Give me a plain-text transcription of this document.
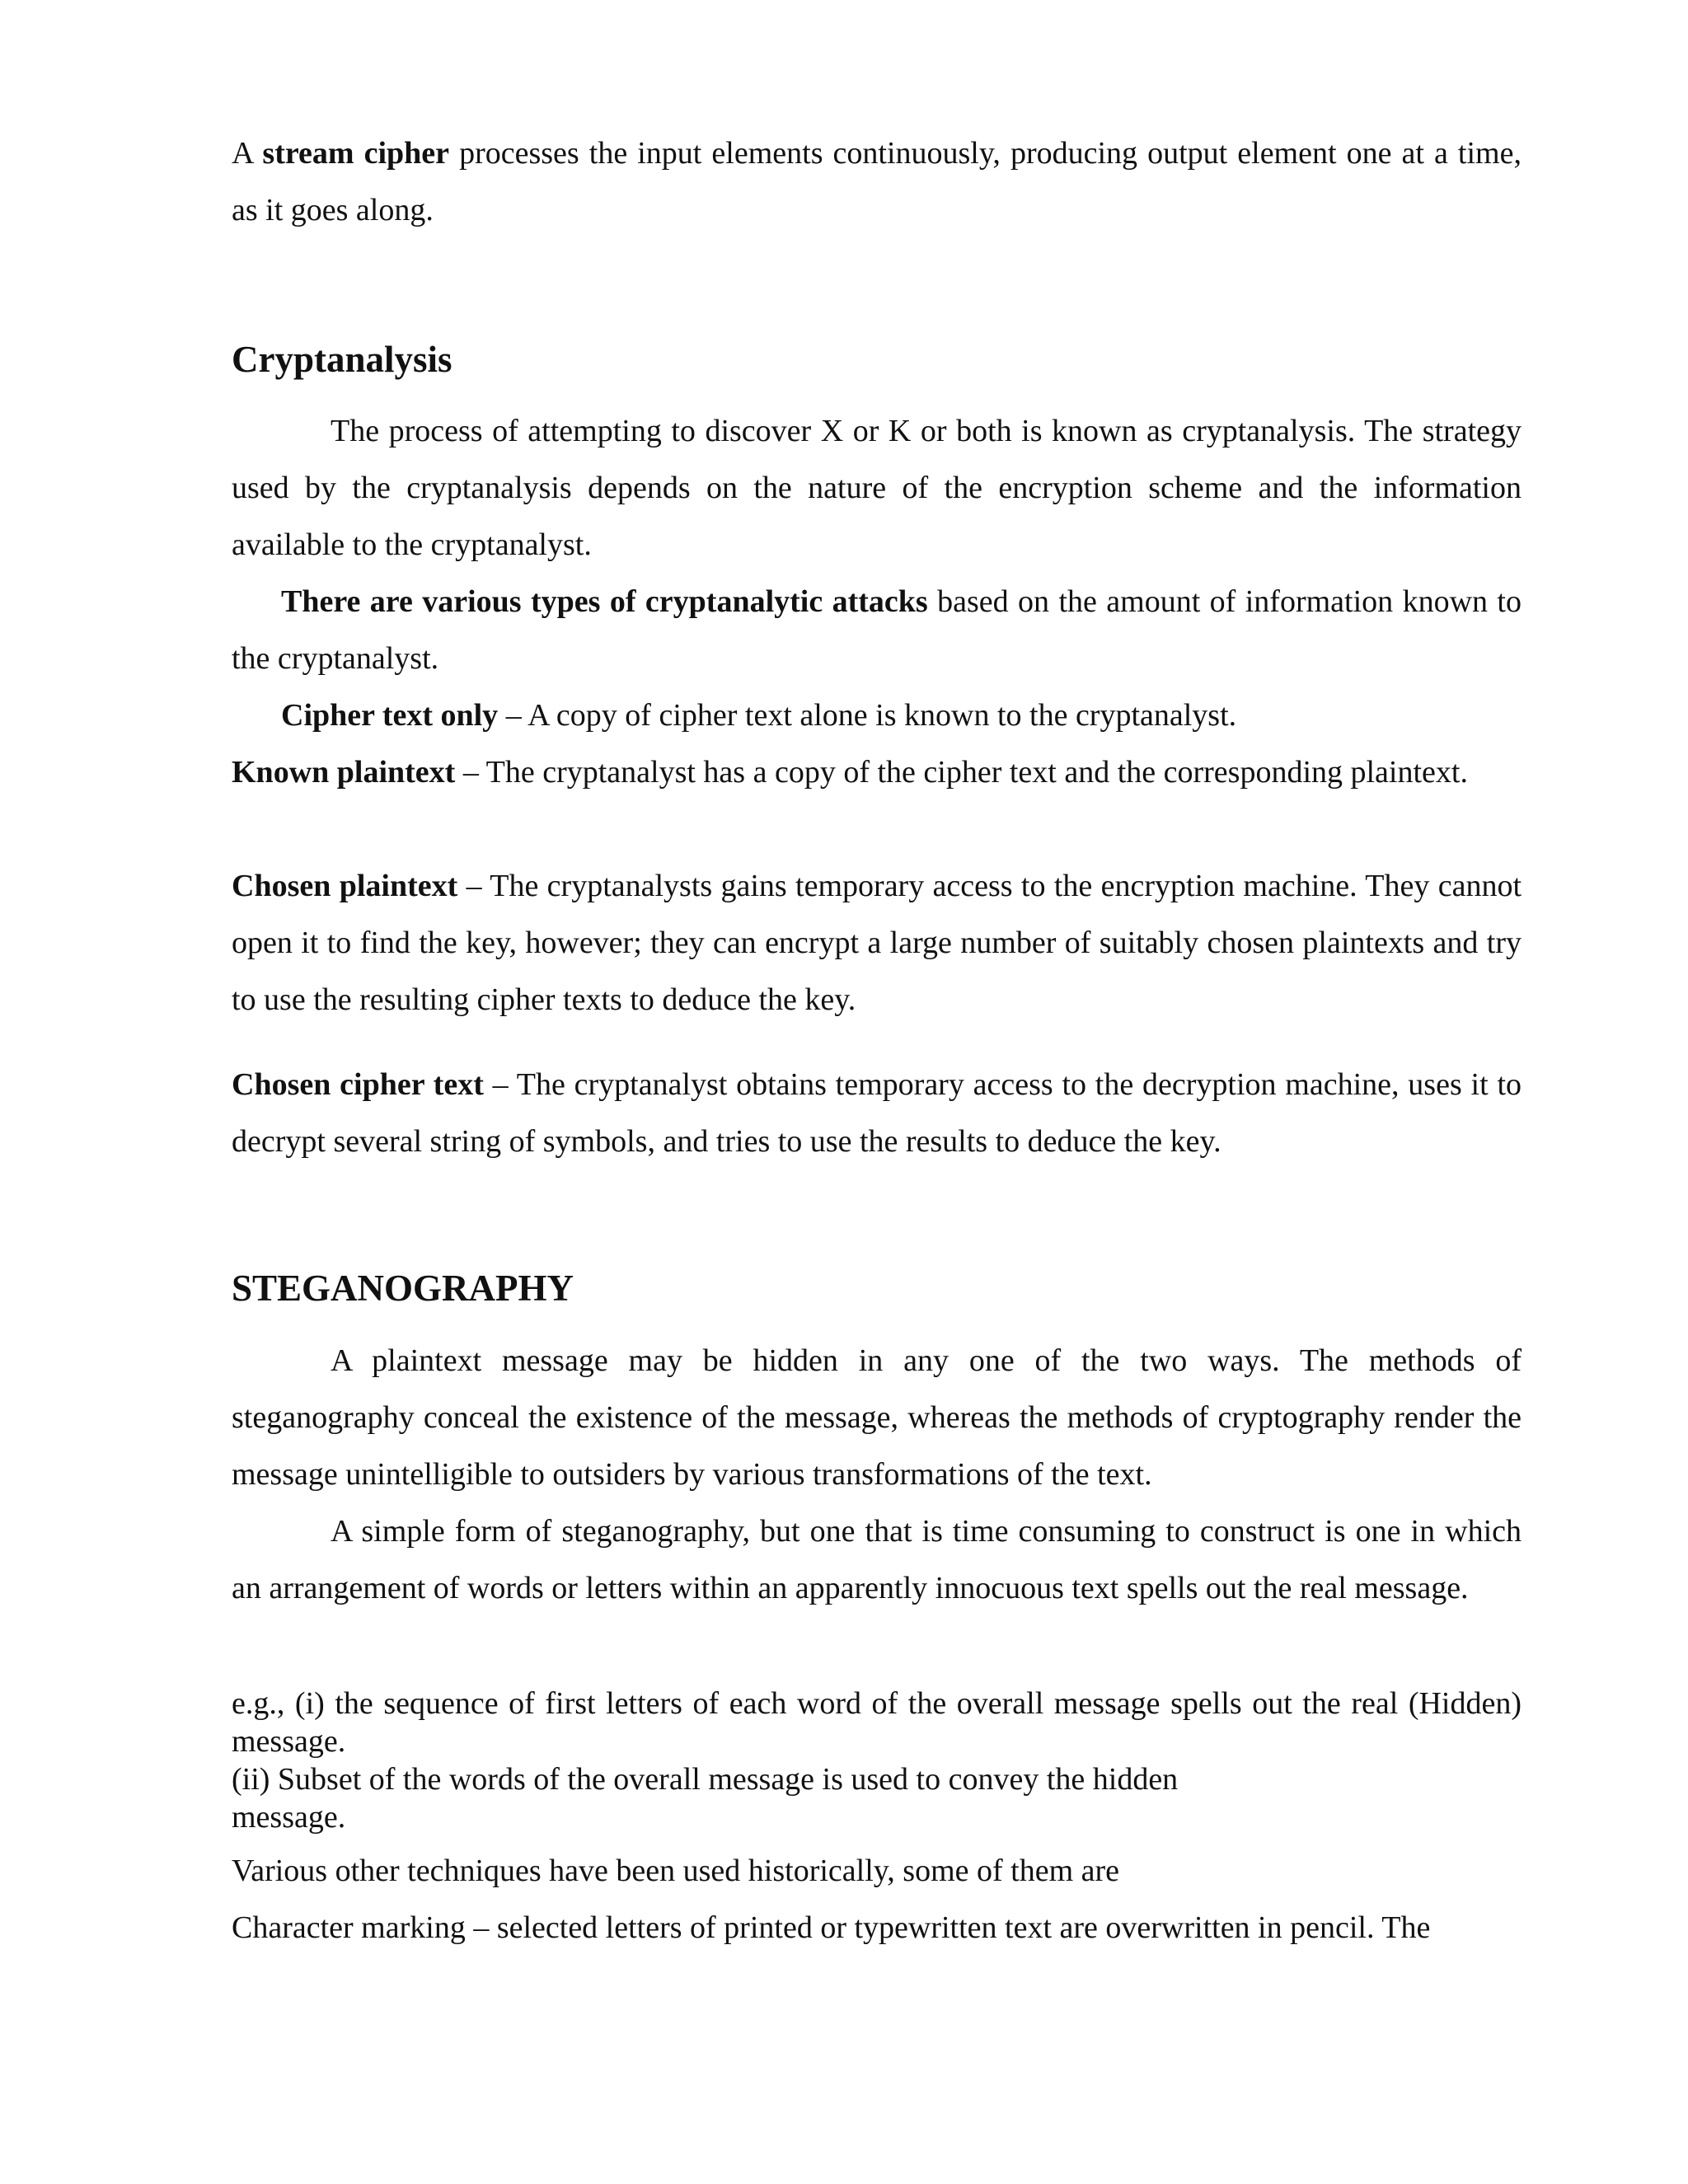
A stream cipher processes the input elements continuously, producing output element one at a time, as it goes along.

Cryptanalysis

The process of attempting to discover X or K or both is known as cryptanalysis. The strategy used by the cryptanalysis depends on the nature of the encryption scheme and the information available to the cryptanalyst.

There are various types of cryptanalytic attacks based on the amount of information known to the cryptanalyst.

Cipher text only – A copy of cipher text alone is known to the cryptanalyst.

Known plaintext – The cryptanalyst has a copy of the cipher text and the corresponding plaintext.

Chosen plaintext – The cryptanalysts gains temporary access to the encryption machine. They cannot open it to find the key, however; they can encrypt a large number of suitably chosen plaintexts and try to use the resulting cipher texts to deduce the key.

Chosen cipher text – The cryptanalyst obtains temporary access to the decryption machine, uses it to decrypt several string of symbols, and tries to use the results to deduce the key.

STEGANOGRAPHY

A plaintext message may be hidden in any one of the two ways. The methods of steganography conceal the existence of the message, whereas the methods of cryptography render the message unintelligible to outsiders by various transformations of the text.

A simple form of steganography, but one that is time consuming to construct is one in which an arrangement of words or letters within an apparently innocuous text spells out the real message.

e.g., (i) the sequence of first letters of each word of the overall message spells out the real (Hidden) message.

(ii) Subset of the words of the overall message is used to convey the hidden
message.

Various other techniques have been used historically, some of them are

Character marking – selected letters of printed or typewritten text are overwritten in pencil. The
